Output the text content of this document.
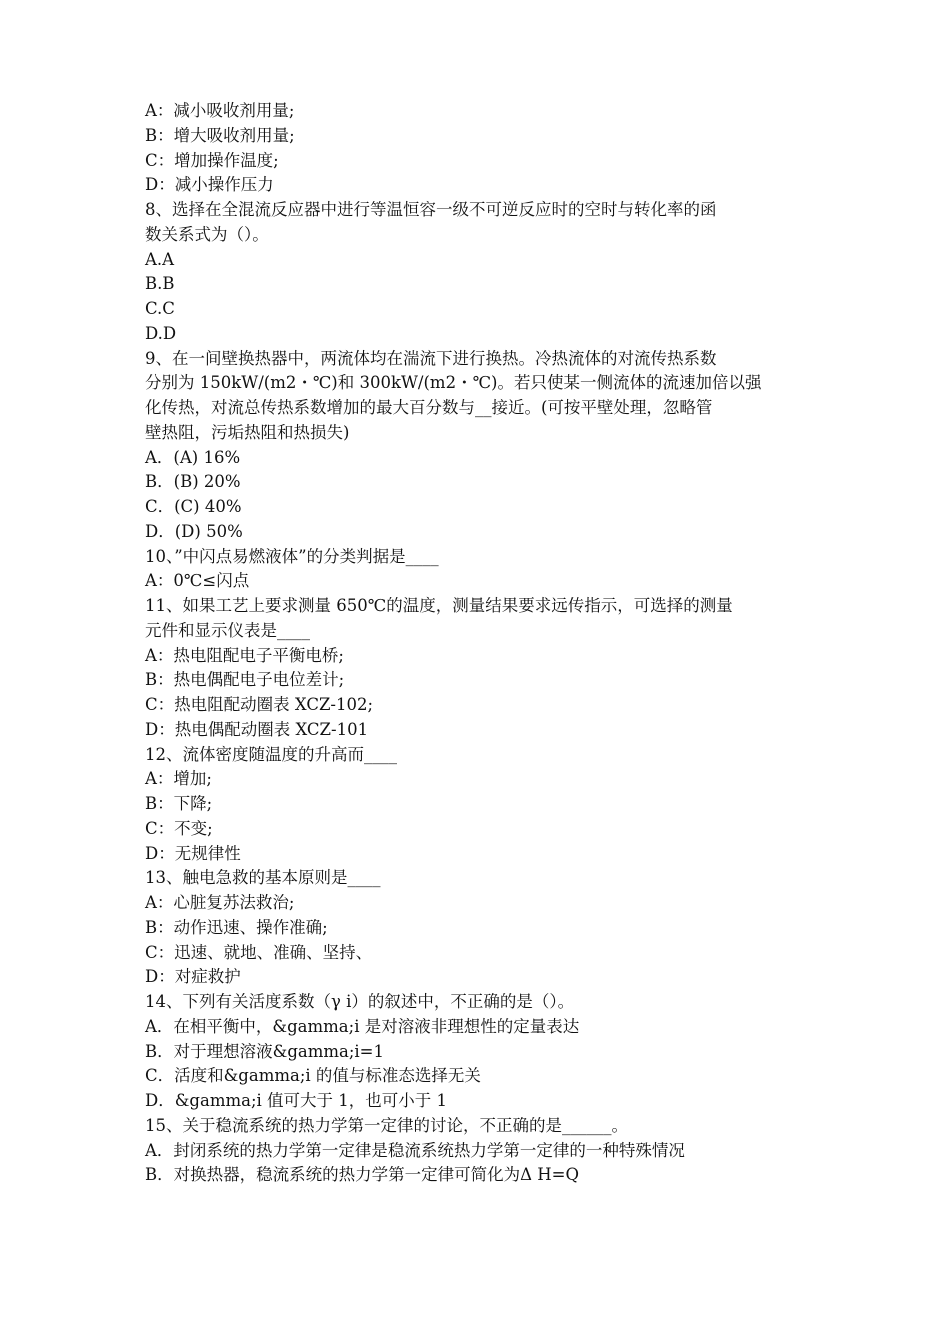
A：减小吸收剂用量;
B：增大吸收剂用量;
C：增加操作温度;
D：减小操作压力
8、选择在全混流反应器中进行等温恒容一级不可逆反应时的空时与转化率的函
数关系式为（）。
A.A
B.B
C.C
D.D
9、在一间壁换热器中，两流体均在湍流下进行换热。冷热流体的对流传热系数
分别为 150kW/(m2・℃)和 300kW/(m2・℃)。若只使某一侧流体的流速加倍以强
化传热，对流总传热系数增加的最大百分数与__接近。(可按平壁处理，忽略管
壁热阻，污垢热阻和热损失)
A．(A) 16%
B．(B) 20%
C．(C) 40%
D．(D) 50%
10、”中闪点易燃液体”的分类判据是____
A：0℃≤闪点
11、如果工艺上要求测量 650℃的温度，测量结果要求远传指示，可选择的测量
元件和显示仪表是____
A：热电阻配电子平衡电桥;
B：热电偶配电子电位差计;
C：热电阻配动圈表 XCZ-102;
D：热电偶配动圈表 XCZ-101
12、流体密度随温度的升高而____
A：增加;
B：下降;
C：不变;
D：无规律性
13、触电急救的基本原则是____
A：心脏复苏法救治;
B：动作迅速、操作准确;
C：迅速、就地、准确、坚持、
D：对症救护
14、下列有关活度系数（γ i）的叙述中，不正确的是（）。
A．在相平衡中，&gamma;i 是对溶液非理想性的定量表达
B．对于理想溶液&gamma;i=1
C．活度和&gamma;i 的值与标准态选择无关
D．&gamma;i 值可大于 1，也可小于 1
15、关于稳流系统的热力学第一定律的讨论，不正确的是______。
A．封闭系统的热力学第一定律是稳流系统热力学第一定律的一种特殊情况
B．对换热器，稳流系统的热力学第一定律可简化为Δ H=Q
